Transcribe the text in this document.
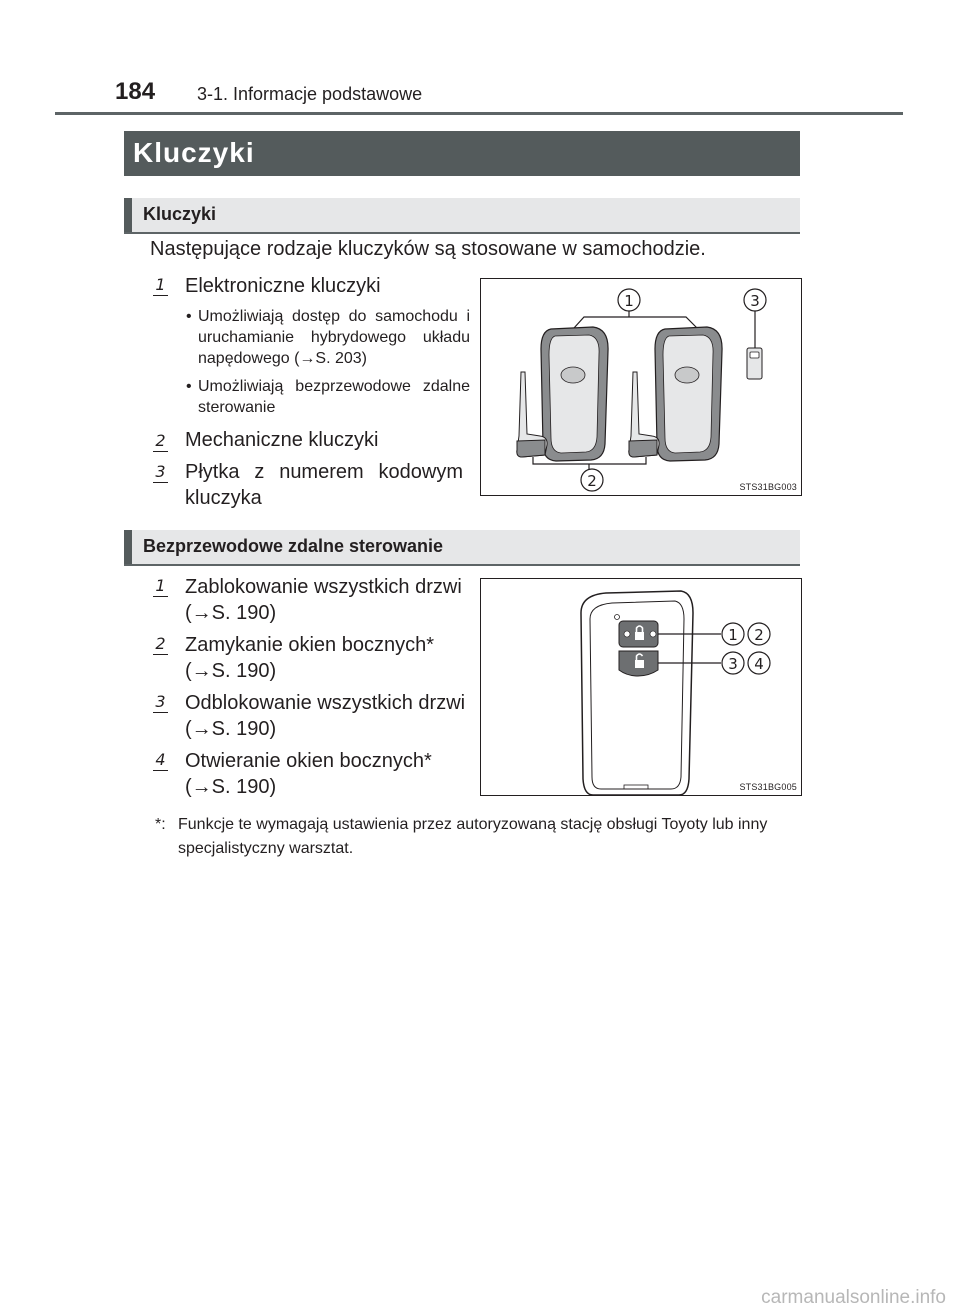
184 3-1. Informacje podstawowe
Kluczyki
Kluczyki
Następujące rodzaje kluczyków są stosowane w samochodzie.
1 Elektroniczne kluczyki
• Umożliwiają dostęp do samochodu i uruchamianie hybrydowego układu napędowego (→S. 203)
• Umożliwiają bezprzewodowe zdalne sterowanie
2 Mechaniczne kluczyki
3 Płytka z numerem kodowym kluczyka
1
2
3
STS31BG003
Bezprzewodowe zdalne sterowanie
1 Zablokowanie wszystkich drzwi
(→S. 190)
2 Zamykanie okien bocznych*
(→S. 190)
3 Odblokowanie wszystkich drzwi
(→S. 190)
4 Otwieranie okien bocznych*
(→S. 190)
1 2
3 4
STS31BG005
*: Funkcje te wymagają ustawienia przez autoryzowaną stację obsługi Toyoty lub inny specjalistyczny warsztat.
carmanualsonline.info
